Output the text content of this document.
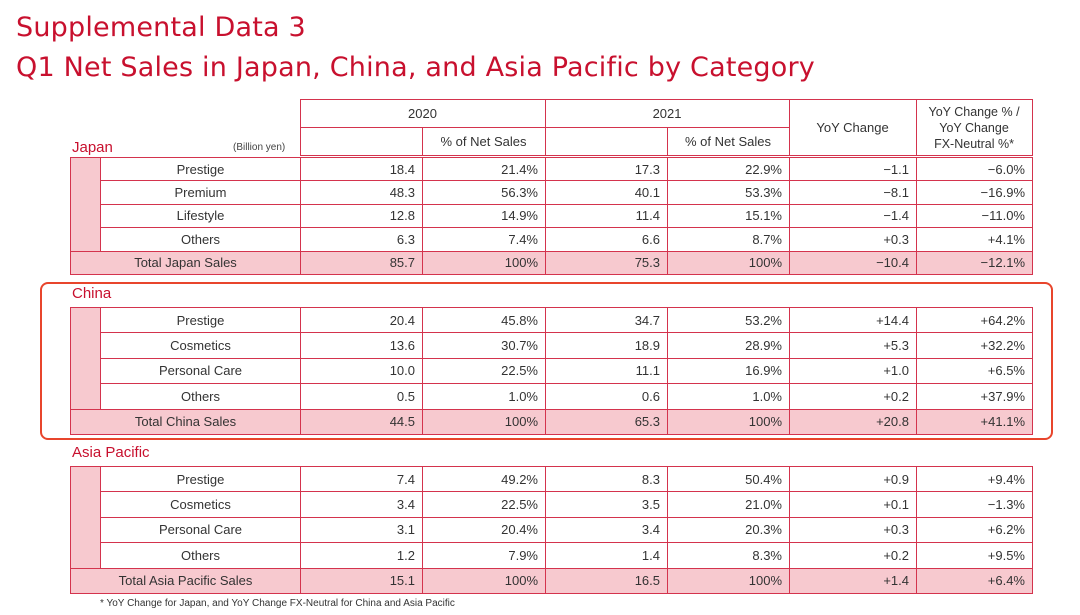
Supplemental Data 3
Q1 Net Sales in Japan, China, and Asia Pacific by Category
	2020		2021		YoY Change	YoY Change % /
YoY Change
FX-Neutral %*

		% of Net Sales		% of Net Sales		

Japan	(Billion yen)

	Prestige	18.4	21.4%	17.3	22.9%	−1.1	−6.0%
	Premium	48.3	56.3%	40.1	53.3%	−8.1	−16.9%
	Lifestyle	12.8	14.9%	11.4	15.1%	−1.4	−11.0%
	Others	6.3	7.4%	6.6	8.7%	+0.3	+4.1%
Total Japan Sales		85.7	100%	75.3	100%	−10.4	−12.1%

China

	Prestige	20.4	45.8%	34.7	53.2%	+14.4	+64.2%
	Cosmetics	13.6	30.7%	18.9	28.9%	+5.3	+32.2%
	Personal Care	10.0	22.5%	11.1	16.9%	+1.0	+6.5%
	Others	0.5	1.0%	0.6	1.0%	+0.2	+37.9%
Total China Sales		44.5	100%	65.3	100%	+20.8	+41.1%

Asia Pacific

	Prestige	7.4	49.2%	8.3	50.4%	+0.9	+9.4%
	Cosmetics	3.4	22.5%	3.5	21.0%	+0.1	−1.3%
	Personal Care	3.1	20.4%	3.4	20.3%	+0.3	+6.2%
	Others	1.2	7.9%	1.4	8.3%	+0.2	+9.5%
Total Asia Pacific Sales		15.1	100%	16.5	100%	+1.4	+6.4%

* YoY Change for Japan, and YoY Change FX-Neutral for China and Asia Pacific
